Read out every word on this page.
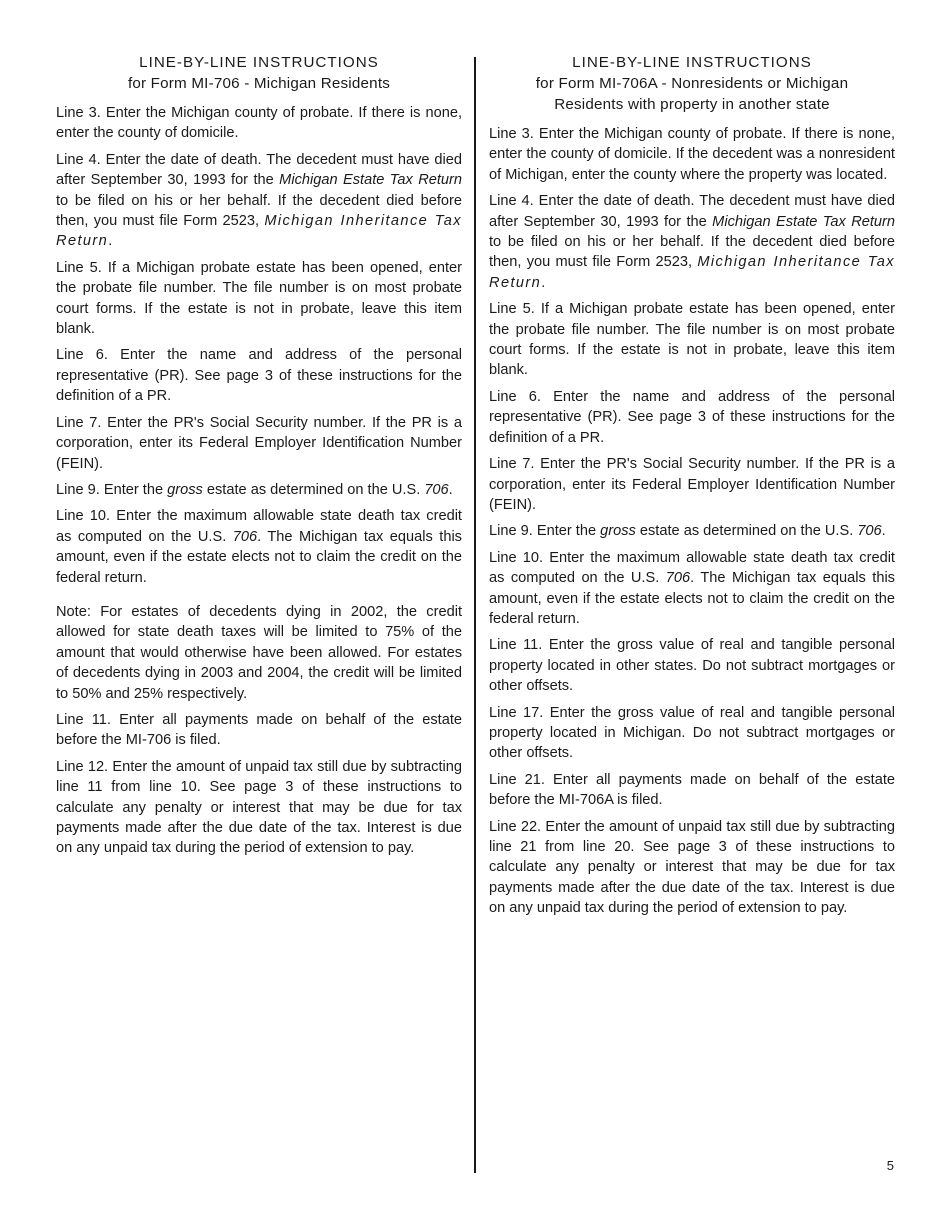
LINE-BY-LINE INSTRUCTIONS
for Form MI-706 - Michigan Residents

Line 3. Enter the Michigan county of probate. If there is none, enter the county of domicile.

Line 4. Enter the date of death. The decedent must have died after September 30, 1993 for the Michigan Estate Tax Return to be filed on his or her behalf. If the decedent died before then, you must file Form 2523, Michigan Inheritance Tax Return.

Line 5. If a Michigan probate estate has been opened, enter the probate file number. The file number is on most probate court forms. If the estate is not in probate, leave this item blank.

Line 6. Enter the name and address of the personal representative (PR). See page 3 of these instructions for the definition of a PR.

Line 7. Enter the PR's Social Security number. If the PR is a corporation, enter its Federal Employer Identification Number (FEIN).

Line 9. Enter the gross estate as determined on the U.S. 706.

Line 10. Enter the maximum allowable state death tax credit as computed on the U.S. 706. The Michigan tax equals this amount, even if the estate elects not to claim the credit on the federal return.

Note: For estates of decedents dying in 2002, the credit allowed for state death taxes will be limited to 75% of the amount that would otherwise have been allowed. For estates of decedents dying in 2003 and 2004, the credit will be limited to 50% and 25% respectively.

Line 11. Enter all payments made on behalf of the estate before the MI-706 is filed.

Line 12. Enter the amount of unpaid tax still due by subtracting line 11 from line 10. See page 3 of these instructions to calculate any penalty or interest that may be due for tax payments made after the due date of the tax. Interest is due on any unpaid tax during the period of extension to pay.

LINE-BY-LINE INSTRUCTIONS
for Form MI-706A - Nonresidents or Michigan
Residents with property in another state

Line 3. Enter the Michigan county of probate. If there is none, enter the county of domicile. If the decedent was a nonresident of Michigan, enter the county where the property was located.

Line 4. Enter the date of death. The decedent must have died after September 30, 1993 for the Michigan Estate Tax Return to be filed on his or her behalf. If the decedent died before then, you must file Form 2523, Michigan Inheritance Tax Return.

Line 5. If a Michigan probate estate has been opened, enter the probate file number. The file number is on most probate court forms. If the estate is not in probate, leave this item blank.

Line 6. Enter the name and address of the personal representative (PR). See page 3 of these instructions for the definition of a PR.

Line 7. Enter the PR's Social Security number. If the PR is a corporation, enter its Federal Employer Identification Number (FEIN).

Line 9. Enter the gross estate as determined on the U.S. 706.

Line 10. Enter the maximum allowable state death tax credit as computed on the U.S. 706. The Michigan tax equals this amount, even if the estate elects not to claim the credit on the federal return.

Line 11. Enter the gross value of real and tangible personal property located in other states. Do not subtract mortgages or other offsets.

Line 17. Enter the gross value of real and tangible personal property located in Michigan. Do not subtract mortgages or other offsets.

Line 21. Enter all payments made on behalf of the estate before the MI-706A is filed.

Line 22. Enter the amount of unpaid tax still due by subtracting line 21 from line 20. See page 3 of these instructions to calculate any penalty or interest that may be due for tax payments made after the due date of the tax. Interest is due on any unpaid tax during the period of extension to pay.

5
